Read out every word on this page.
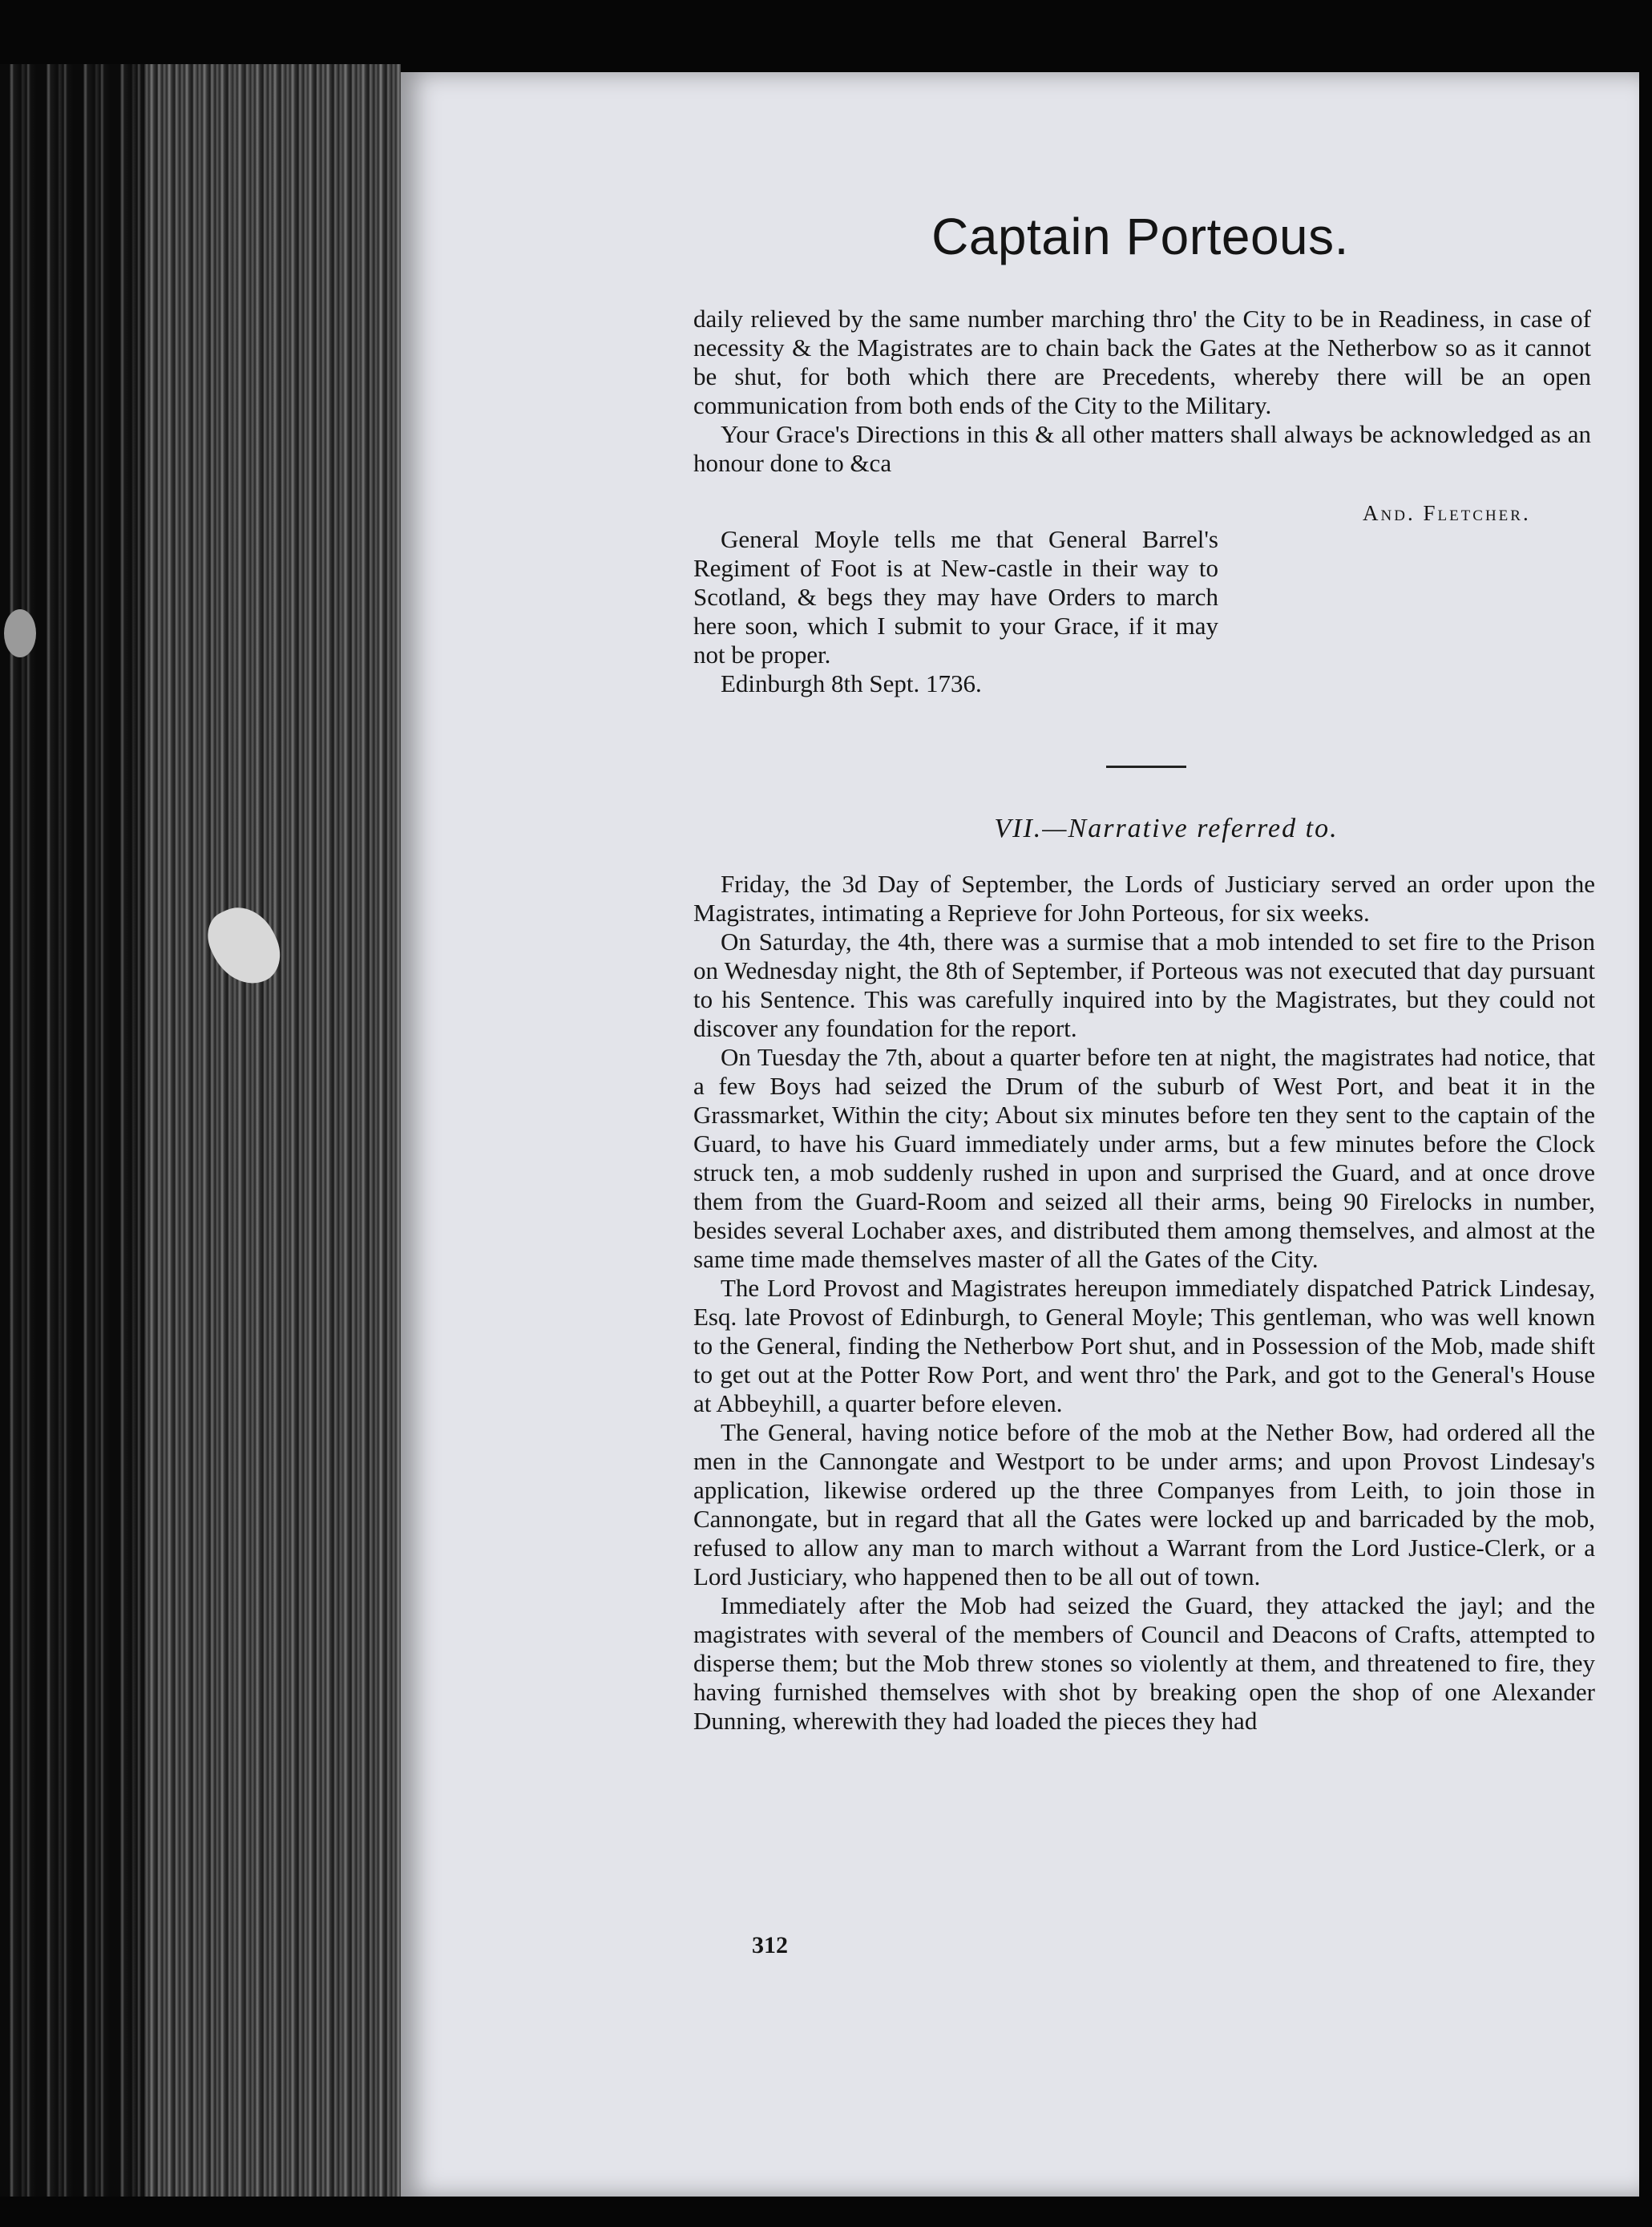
Captain Porteous.

daily relieved by the same number marching thro' the City to be in Readiness, in case of necessity & the Magistrates are to chain back the Gates at the Netherbow so as it cannot be shut, for both which there are Precedents, whereby there will be an open communication from both ends of the City to the Military.

Your Grace's Directions in this & all other matters shall always be acknowledged as an honour done to &ca

And. Fletcher.

General Moyle tells me that General Barrel's Regiment of Foot is at New-castle in their way to Scotland, & begs they may have Orders to march here soon, which I submit to your Grace, if it may not be proper.

Edinburgh 8th Sept. 1736.

VII.—Narrative referred to.

Friday, the 3d Day of September, the Lords of Justiciary served an order upon the Magistrates, intimating a Reprieve for John Porteous, for six weeks.

On Saturday, the 4th, there was a surmise that a mob intended to set fire to the Prison on Wednesday night, the 8th of September, if Porteous was not executed that day pursuant to his Sentence. This was carefully inquired into by the Magistrates, but they could not discover any foundation for the report.

On Tuesday the 7th, about a quarter before ten at night, the magistrates had notice, that a few Boys had seized the Drum of the suburb of West Port, and beat it in the Grassmarket, Within the city; About six minutes before ten they sent to the captain of the Guard, to have his Guard immediately under arms, but a few minutes before the Clock struck ten, a mob suddenly rushed in upon and surprised the Guard, and at once drove them from the Guard-Room and seized all their arms, being 90 Firelocks in number, besides several Lochaber axes, and distributed them among themselves, and almost at the same time made themselves master of all the Gates of the City.

The Lord Provost and Magistrates hereupon immediately dispatched Patrick Lindesay, Esq. late Provost of Edinburgh, to General Moyle; This gentleman, who was well known to the General, finding the Netherbow Port shut, and in Possession of the Mob, made shift to get out at the Potter Row Port, and went thro' the Park, and got to the General's House at Abbeyhill, a quarter before eleven.

The General, having notice before of the mob at the Nether Bow, had ordered all the men in the Cannongate and Westport to be under arms; and upon Provost Lindesay's application, likewise ordered up the three Companyes from Leith, to join those in Cannongate, but in regard that all the Gates were locked up and barricaded by the mob, refused to allow any man to march without a Warrant from the Lord Justice-Clerk, or a Lord Justiciary, who happened then to be all out of town.

Immediately after the Mob had seized the Guard, they attacked the jayl; and the magistrates with several of the members of Council and Deacons of Crafts, attempted to disperse them; but the Mob threw stones so violently at them, and threatened to fire, they having furnished themselves with shot by breaking open the shop of one Alexander Dunning, wherewith they had loaded the pieces they had

312
